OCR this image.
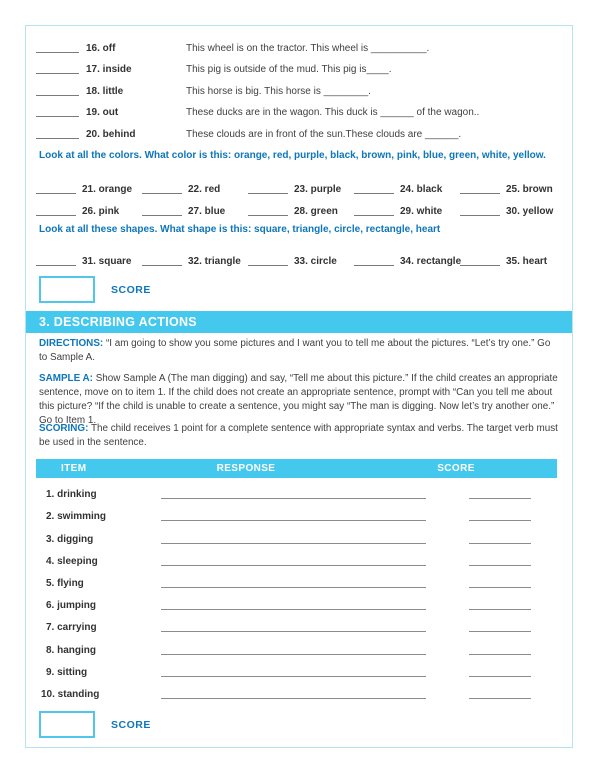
16. off	This wheel is on the tractor. This wheel is __________.
17. inside	This pig is outside of the mud. This pig is____.
18. little	This horse is big. This horse is ________.
19. out	These ducks are in the wagon. This duck is ______ of the wagon..
20. behind	These clouds are in front of the sun.These clouds are ______.
Look at all the colors. What color is this: orange, red, purple, black, brown, pink, blue, green, white, yellow.
21. orange	22. red	23. purple	24. black	25. brown
26. pink	27. blue	28. green	29. white	30. yellow
Look at all these shapes. What shape is this: square, triangle, circle, rectangle, heart
31. square	32. triangle	33. circle	34. rectangle	35. heart
SCORE
3. DESCRIBING ACTIONS

DIRECTIONS: “I am going to show you some pictures and I want you to tell me about the pictures. “Let’s try one.” Go to Sample A.

SAMPLE A: Show Sample A (The man digging) and say, “Tell me about this picture.” If the child creates an appropriate sentence, move on to item 1. If the child does not create an appropriate sentence, prompt with “Can you tell me about this picture? “If the child is unable to create a sentence, you might say “The man is digging. Now let’s try another one.” Go to Item 1.

SCORING: The child receives 1 point for a complete sentence with appropriate syntax and verbs. The target verb must be used in the sentence.

ITEM	RESPONSE	SCORE
1. drinking
2. swimming
3. digging
4. sleeping
5. flying
6. jumping
7. carrying
8. hanging
9. sitting
10. standing
SCORE
